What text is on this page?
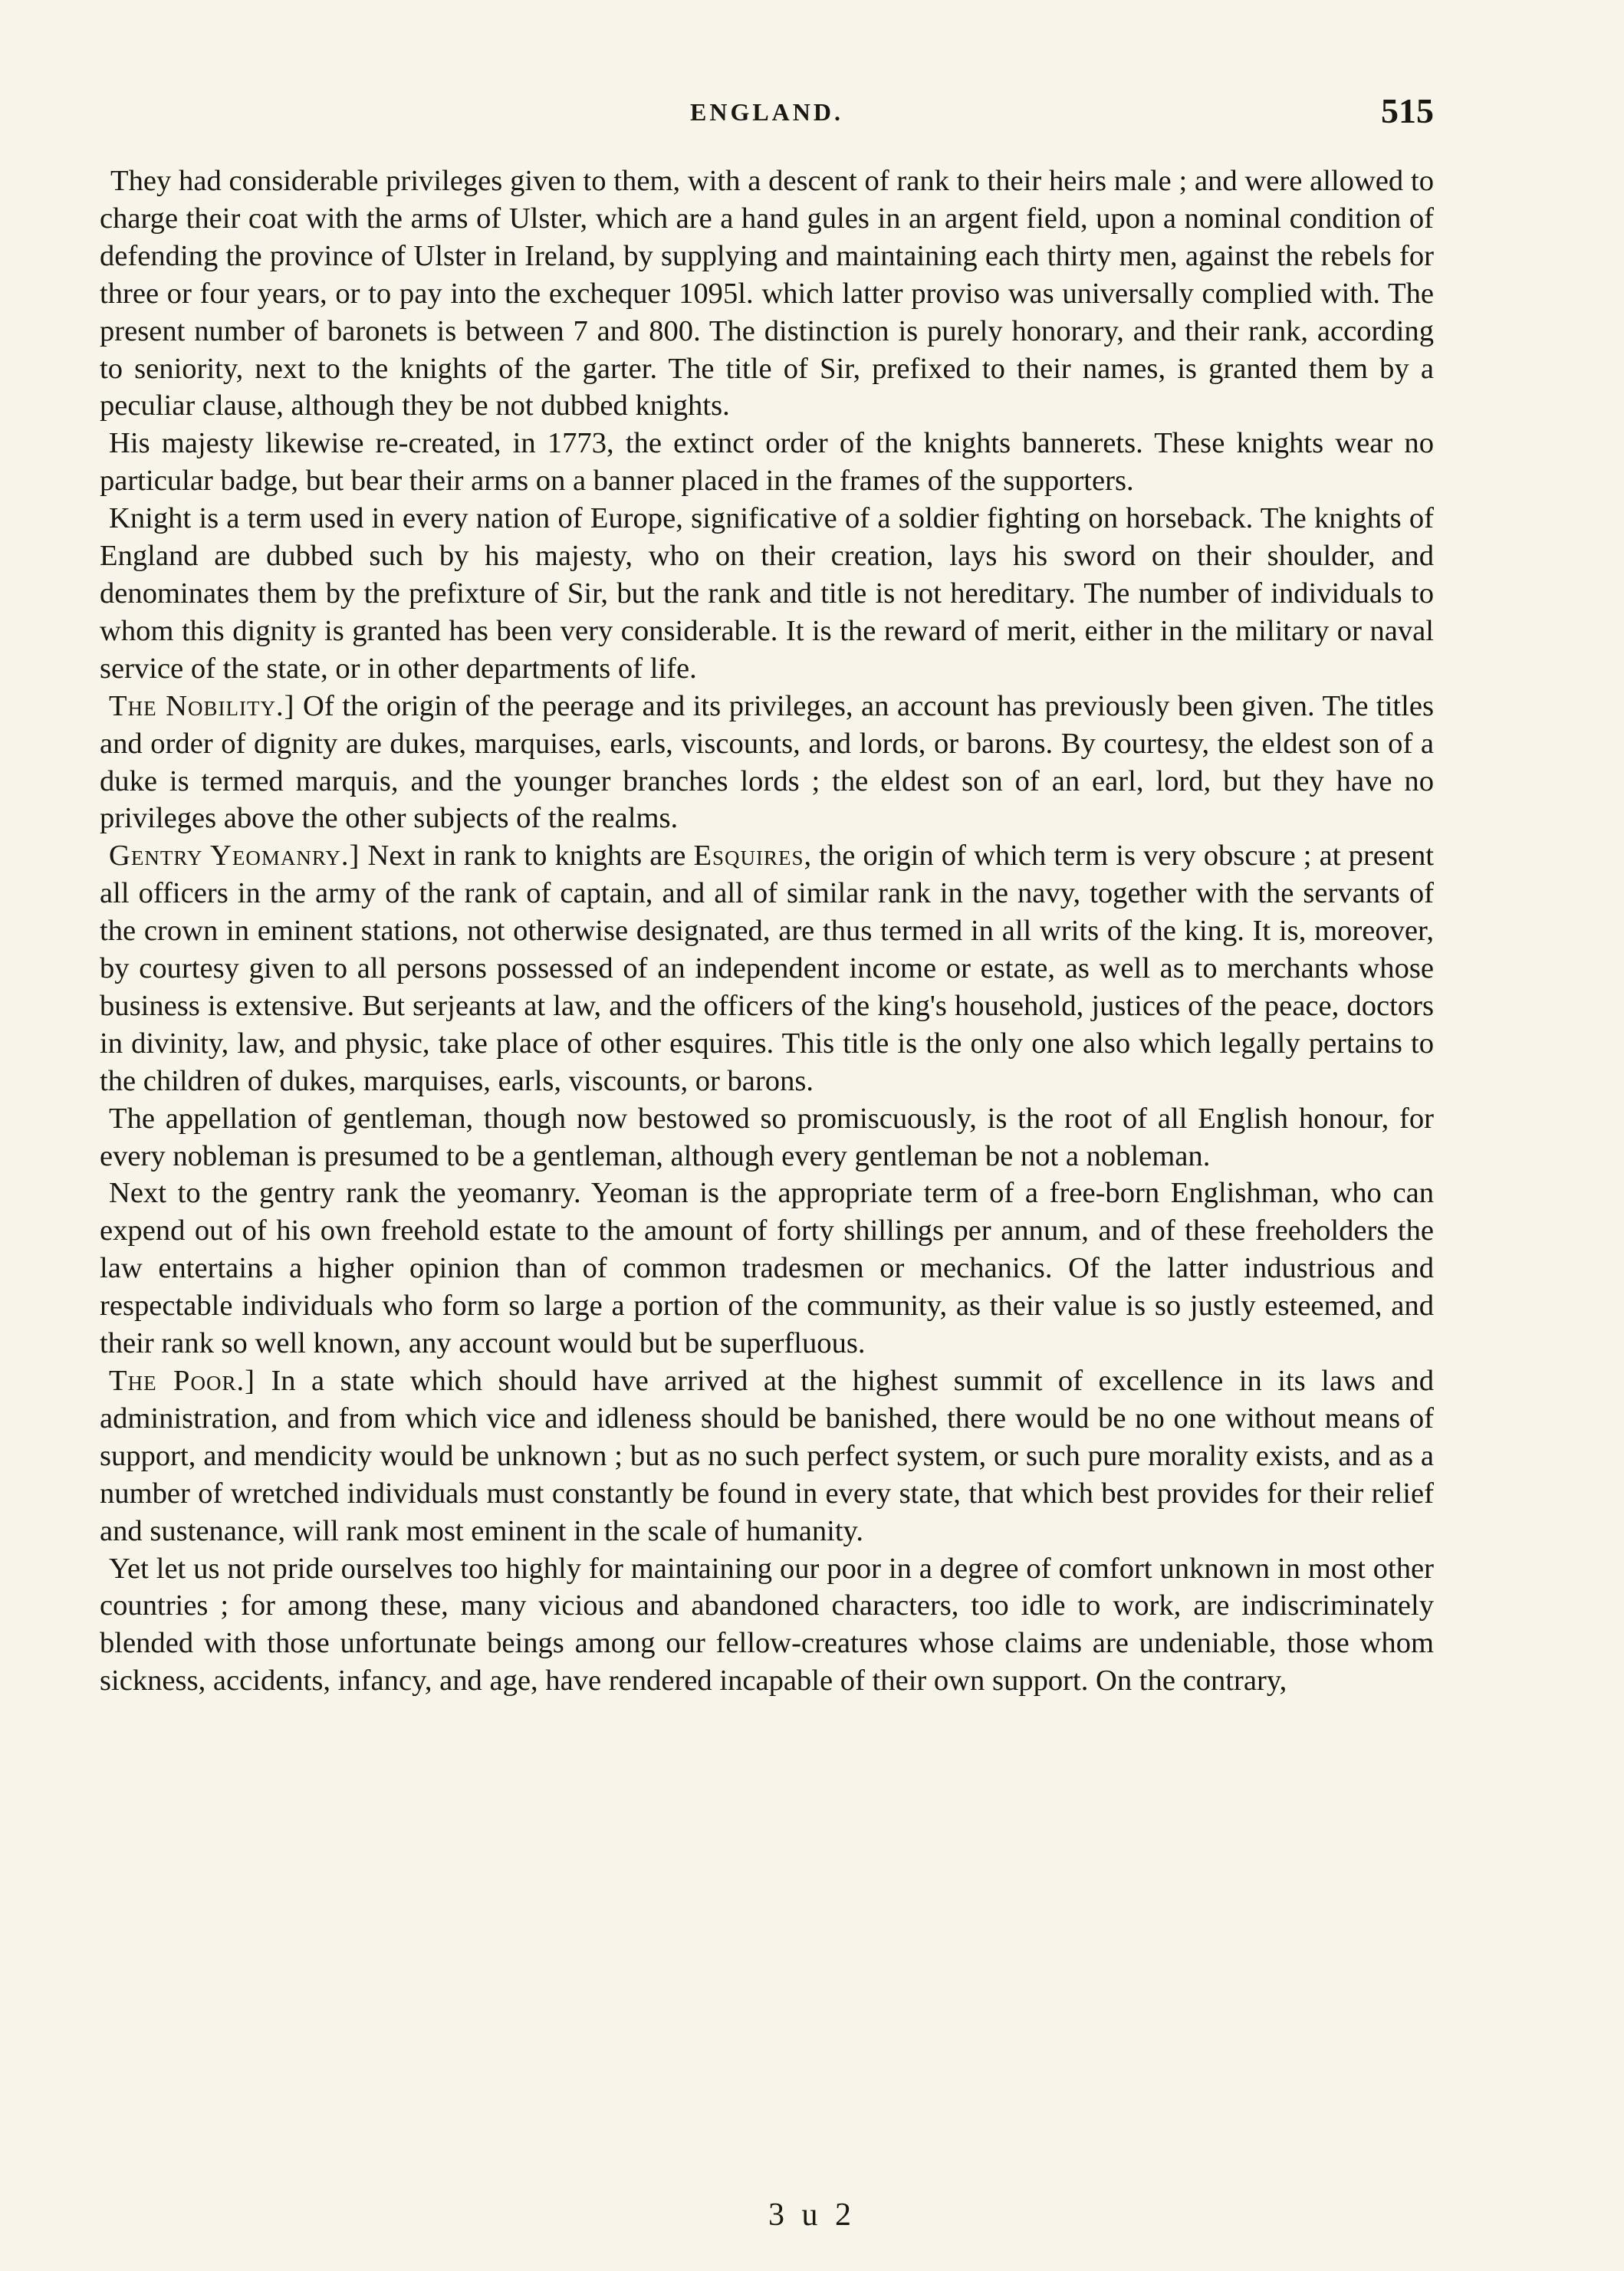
ENGLAND.	515

They had considerable privileges given to them, with a descent of rank to their heirs male ; and were allowed to charge their coat with the arms of Ulster, which are a hand gules in an argent field, upon a nominal condition of defending the province of Ulster in Ireland, by supplying and maintaining each thirty men, against the rebels for three or four years, or to pay into the exchequer 1095l. which latter proviso was universally complied with. The present number of baronets is between 7 and 800. The distinction is purely honorary, and their rank, according to seniority, next to the knights of the garter. The title of Sir, prefixed to their names, is granted them by a peculiar clause, although they be not dubbed knights.

His majesty likewise re-created, in 1773, the extinct order of the knights bannerets. These knights wear no particular badge, but bear their arms on a banner placed in the frames of the supporters.

Knight is a term used in every nation of Europe, significative of a soldier fighting on horseback. The knights of England are dubbed such by his majesty, who on their creation, lays his sword on their shoulder, and denominates them by the prefixture of Sir, but the rank and title is not hereditary. The number of individuals to whom this dignity is granted has been very considerable. It is the reward of merit, either in the military or naval service of the state, or in other departments of life.

The Nobility.] Of the origin of the peerage and its privileges, an account has previously been given. The titles and order of dignity are dukes, marquises, earls, viscounts, and lords, or barons. By courtesy, the eldest son of a duke is termed marquis, and the younger branches lords ; the eldest son of an earl, lord, but they have no privileges above the other subjects of the realms.

Gentry Yeomanry.] Next in rank to knights are Esquires, the origin of which term is very obscure ; at present all officers in the army of the rank of captain, and all of similar rank in the navy, together with the servants of the crown in eminent stations, not otherwise designated, are thus termed in all writs of the king. It is, moreover, by courtesy given to all persons possessed of an independent income or estate, as well as to merchants whose business is extensive. But serjeants at law, and the officers of the king's household, justices of the peace, doctors in divinity, law, and physic, take place of other esquires. This title is the only one also which legally pertains to the children of dukes, marquises, earls, viscounts, or barons.

The appellation of gentleman, though now bestowed so promiscuously, is the root of all English honour, for every nobleman is presumed to be a gentleman, although every gentleman be not a nobleman.

Next to the gentry rank the yeomanry. Yeoman is the appropriate term of a free-born Englishman, who can expend out of his own freehold estate to the amount of forty shillings per annum, and of these freeholders the law entertains a higher opinion than of common tradesmen or mechanics. Of the latter industrious and respectable individuals who form so large a portion of the community, as their value is so justly esteemed, and their rank so well known, any account would but be superfluous.

The Poor.] In a state which should have arrived at the highest summit of excellence in its laws and administration, and from which vice and idleness should be banished, there would be no one without means of support, and mendicity would be unknown ; but as no such perfect system, or such pure morality exists, and as a number of wretched individuals must constantly be found in every state, that which best provides for their relief and sustenance, will rank most eminent in the scale of humanity.

Yet let us not pride ourselves too highly for maintaining our poor in a degree of comfort unknown in most other countries ; for among these, many vicious and abandoned characters, too idle to work, are indiscriminately blended with those unfortunate beings among our fellow-creatures whose claims are undeniable, those whom sickness, accidents, infancy, and age, have rendered incapable of their own support. On the contrary,

3 u 2
